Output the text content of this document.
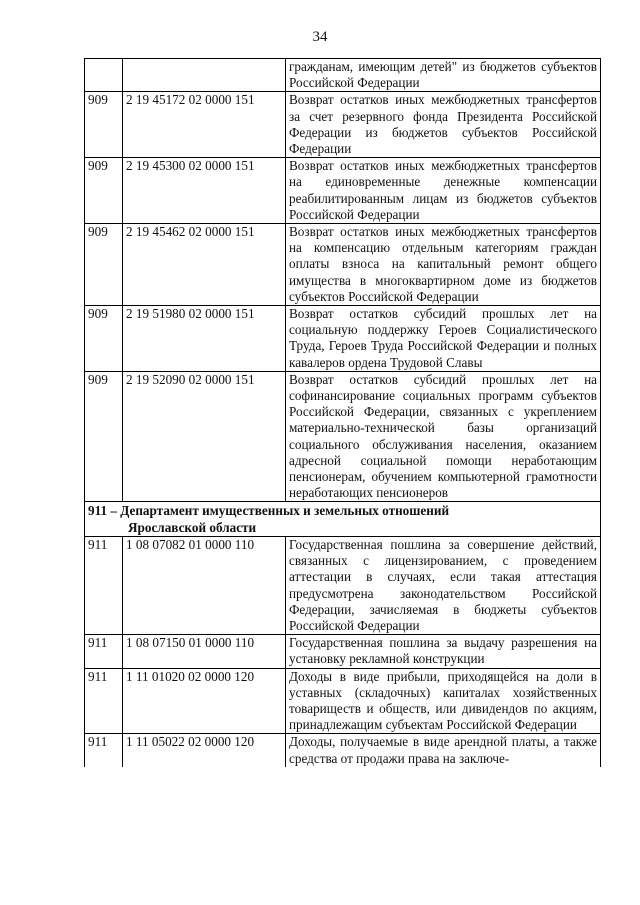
34
		гражданам, имеющим детей" из бюджетов субъектов Российской Федерации
909	2 19 45172 02 0000 151	Возврат остатков иных межбюджетных трансфертов за счет резервного фонда Президента Российской Федерации из бюджетов субъектов Российской Федерации
909	2 19 45300 02 0000 151	Возврат остатков иных межбюджетных трансфертов на единовременные денежные компенсации реабилитированным лицам из бюджетов субъектов Российской Федерации
909	2 19 45462 02 0000 151	Возврат остатков иных межбюджетных трансфертов на компенсацию отдельным категориям граждан оплаты взноса на капитальный ремонт общего имущества в многоквартирном доме из бюджетов субъектов Российской Федерации
909	2 19 51980 02 0000 151	Возврат остатков субсидий прошлых лет на социальную поддержку Героев Социалистического Труда, Героев Труда Российской Федерации и полных кавалеров ордена Трудовой Славы
909	2 19 52090 02 0000 151	Возврат остатков субсидий прошлых лет на софинансирование социальных программ субъектов Российской Федерации, связанных с укреплением материально-технической базы организаций социального обслуживания населения, оказанием адресной социальной помощи неработающим пенсионерам, обучением компьютерной грамотности неработающих пенсионеров
911 – Департамент имущественных и земельных отношений
Ярославской области		

911	1 08 07082 01 0000 110	Государственная пошлина за совершение действий, связанных с лицензированием, с проведением аттестации в случаях, если такая аттестация предусмотрена законодательством Российской Федерации, зачисляемая в бюджеты субъектов Российской Федерации
911	1 08 07150 01 0000 110	Государственная пошлина за выдачу разрешения на установку рекламной конструкции
911	1 11 01020 02 0000 120	Доходы в виде прибыли, приходящейся на доли в уставных (складочных) капиталах хозяйственных товариществ и обществ, или дивидендов по акциям, принадлежащим субъектам Российской Федерации
911	1 11 05022 02 0000 120	Доходы, получаемые в виде арендной платы, а также средства от продажи права на заключе-
